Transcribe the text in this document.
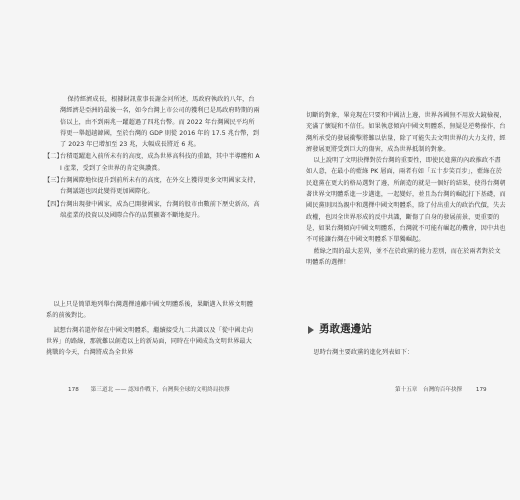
保持經濟成長，根據財訊董事長謝金河所述，馬政府執政的八年，台灣經濟是亞洲的最後一名，如今台灣上市公司的獲利已是馬政府時期的兩倍以上，由不到兩兆一躍超過了四兆台幣。而 2022 年台灣國民平均所得更一舉超越韓國，至於台灣的 GDP 則從 2016 年的 17.5 兆台幣，到了 2023 年已增加至 23 兆，大幅成長將近 6 兆。

【二】
台積電躍進入前所未有的高度，成為世界高科技的重鎮，其中半導體和 AI 產業，受到了全世界的肯定與讚賞。
【三】
台灣國際地位提升到前所未有的高度，在外交上獲得更多文明國家支持，台灣議題也因此變得更加國際化。
【四】
台灣出現發中國家，成為已開發國家，台灣的股市由數前下歷史新高，高端產業的投資以及國際合作的品質顯著不斷地提升。

以上只是簡單地列舉台灣選擇遠離中國文明體系後，果斷邁入世界文明體系的前後對比。

試想台灣若還停留在中國文明體系，繼續接受九二共識以及「從中國走向世界」的路線，那就難以創造以上的新局面，同時在中國成為文明世界最大挑戰的今天，台灣將成為全世界

178 第三道北 —— 認知作戰下，台灣與全球的文明終局抉擇

切斷的對象，畢竟現在只要和中國沾上邊，世界各國無不用放大鏡檢視，充滿了懷疑和不信任。如果執意傾向中國文明體系，無疑是逆勢操作，台灣所承受的發展衝擊將難以估量，除了可能失去文明世界的大力支持，經濟發展更將受到巨大的傷害，成為世界抵制的對象。

以上說明了文明抉擇對於台灣的重要性，即使民進黨的內政推政不盡如人意，在最小的藍綠 PK 層面，兩者有如「五十步笑百步」，藍綠在於民進黨在更大的格局選對了邊，所創造的就是一個好的結果，使得台灣朝著世界文明體系進一步邁進，一起變好，並且為台灣的崛起打下基礎，而國民黨則因為親中和選擇中國文明體系，除了付出重大的政治代價，失去政權，也因全世界形成的反中共識，斷傷了自身的發展前景，更重要的是，如果台灣傾向中國文明體系，台灣就不可能有崛起的機會，因中共也不可能讓台灣在中國文明體系下單獨崛起。

藍綠之間的最大差異，並不在於政黨的能力差別，而在於兩者對於文明體系的選擇！

勇敢選邊站

思時台灣主要政黨的進化列表如下：

第十五章　台灣的百年抉擇 179
